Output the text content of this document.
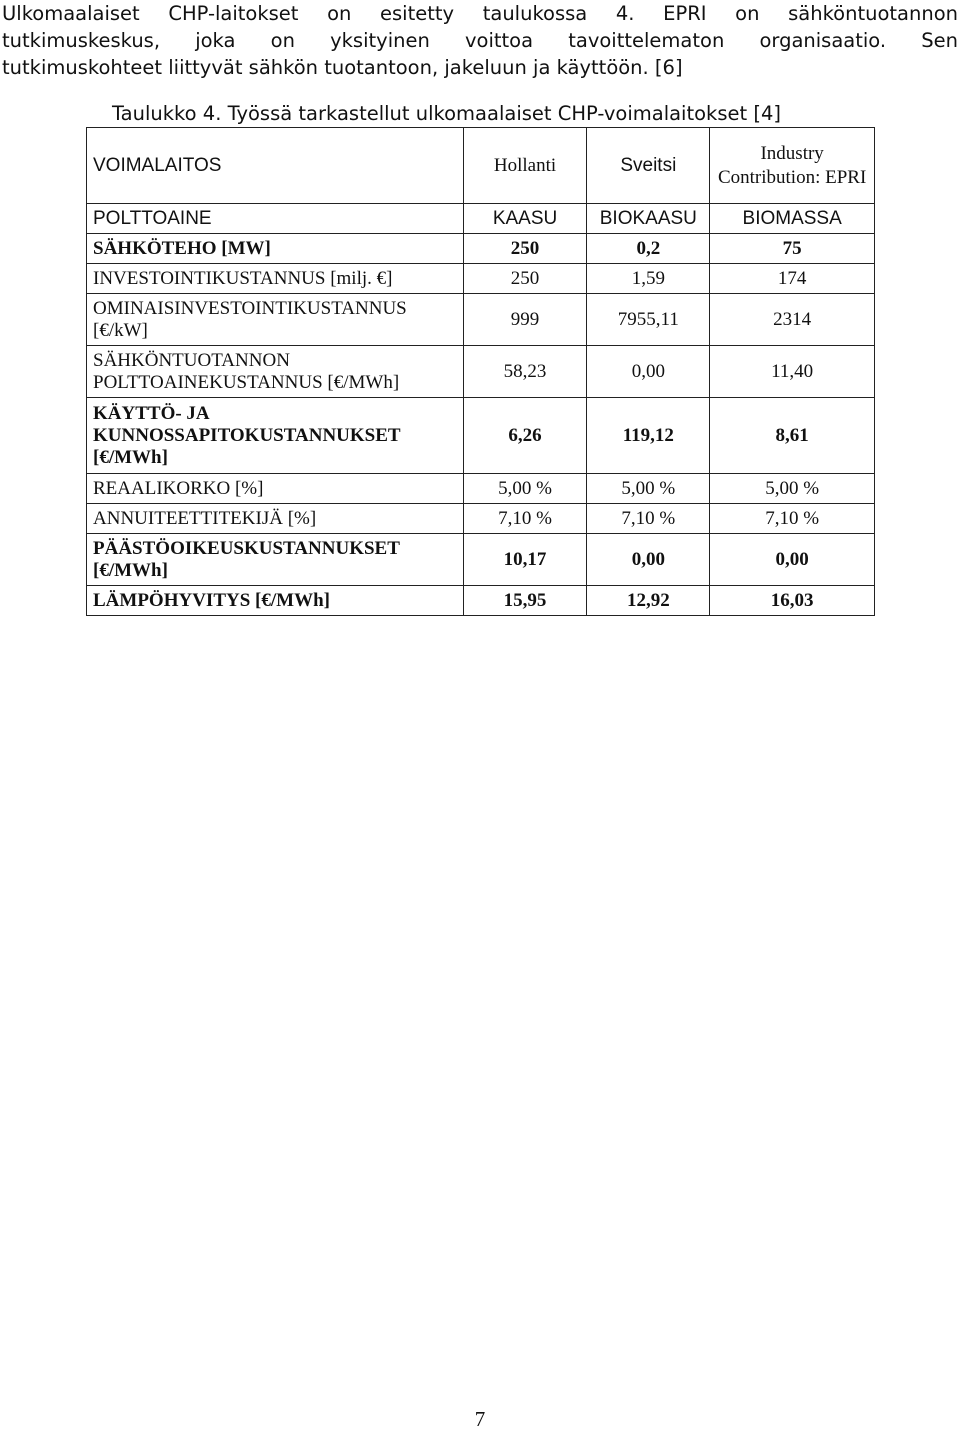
Ulkomaalaiset CHP-laitokset on esitetty taulukossa 4. EPRI on sähköntuotannon
tutkimuskeskus, joka on yksityinen voittoa tavoittelematon organisaatio. Sen
tutkimuskohteet liittyvät sähkön tuotantoon, jakeluun ja käyttöön. [6]
Taulukko 4. Työssä tarkastellut ulkomaalaiset CHP-voimalaitokset [4]
VOIMALAITOS	Hollanti	Sveitsi	Industry Contribution: EPRI
POLTTOAINE	KAASU	BIOKAASU	BIOMASSA
SÄHKÖTEHO [MW]	250	0,2	75
INVESTOINTIKUSTANNUS [milj. €]	250	1,59	174
OMINAISINVESTOINTIKUSTANNUS [€/kW]	999	7955,11	2314
SÄHKÖNTUOTANNON POLTTOAINEKUSTANNUS [€/MWh]	58,23	0,00	11,40
KÄYTTÖ- JA KUNNOSSAPITOKUSTANNUKSET [€/MWh]	6,26	119,12	8,61
REAALIKORKO [%]	5,00 %	5,00 %	5,00 %
ANNUITEETTITEKIJÄ [%]	7,10 %	7,10 %	7,10 %
PÄÄSTÖOIKEUSKUSTANNUKSET [€/MWh]	10,17	0,00	0,00
LÄMPÖHYVITYS [€/MWh]	15,95	12,92	16,03
7
